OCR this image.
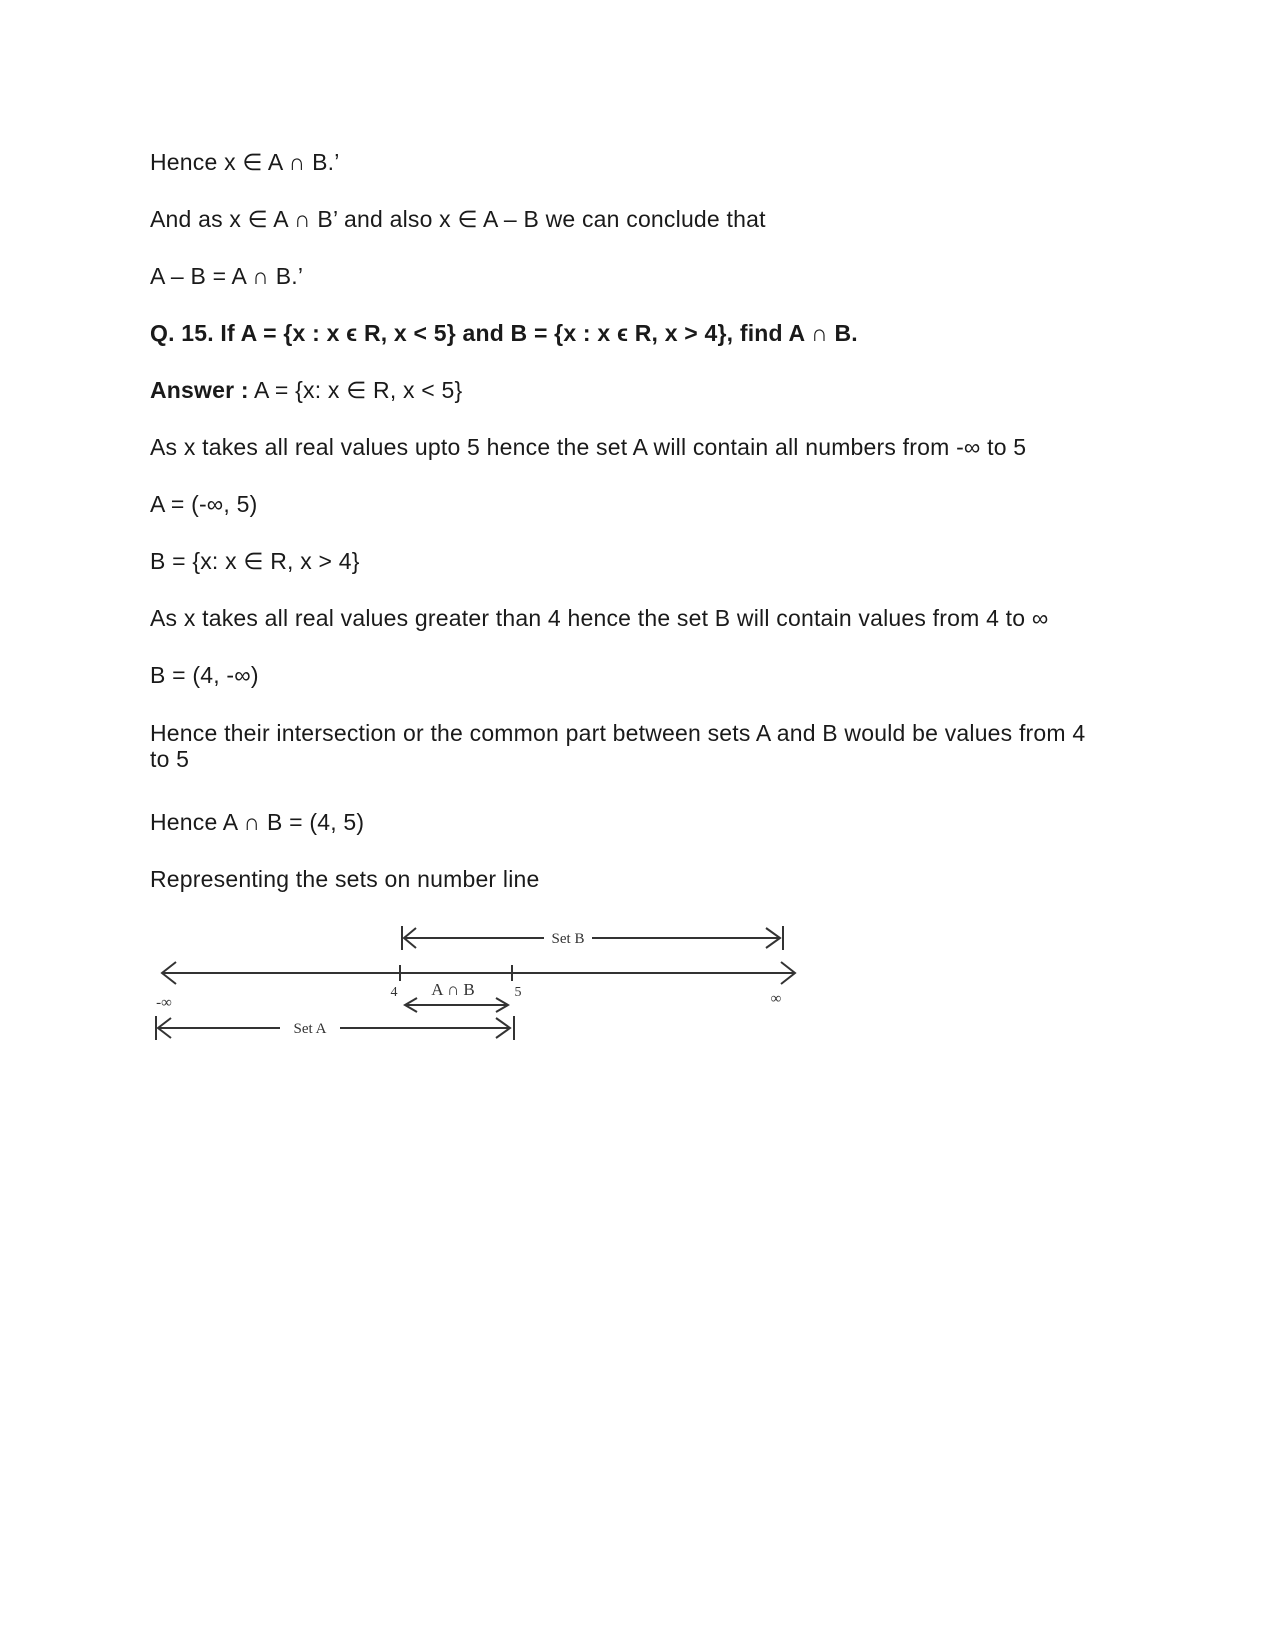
Hence x ∈ A ∩ B.’
And as x ∈ A ∩ B’ and also x ∈ A – B we can conclude that
A – B = A ∩ B.’
Q. 15. If A = {x : x ϵ R, x < 5} and B = {x : x ϵ R, x > 4}, find A ∩ B.
Answer : A = {x: x ∈ R, x < 5}
As x takes all real values upto 5 hence the set A will contain all numbers from -∞ to 5
A = (-∞, 5)
B = {x: x ∈ R, x > 4}
As x takes all real values greater than 4 hence the set B will contain values from 4 to ∞
B = (4, -∞)
Hence their intersection or the common part between sets A and B would be values from 4 to 5
Hence A ∩ B = (4, 5)
Representing the sets on number line
Set B
Set A
A ∩ B
4	5
-∞	∞
